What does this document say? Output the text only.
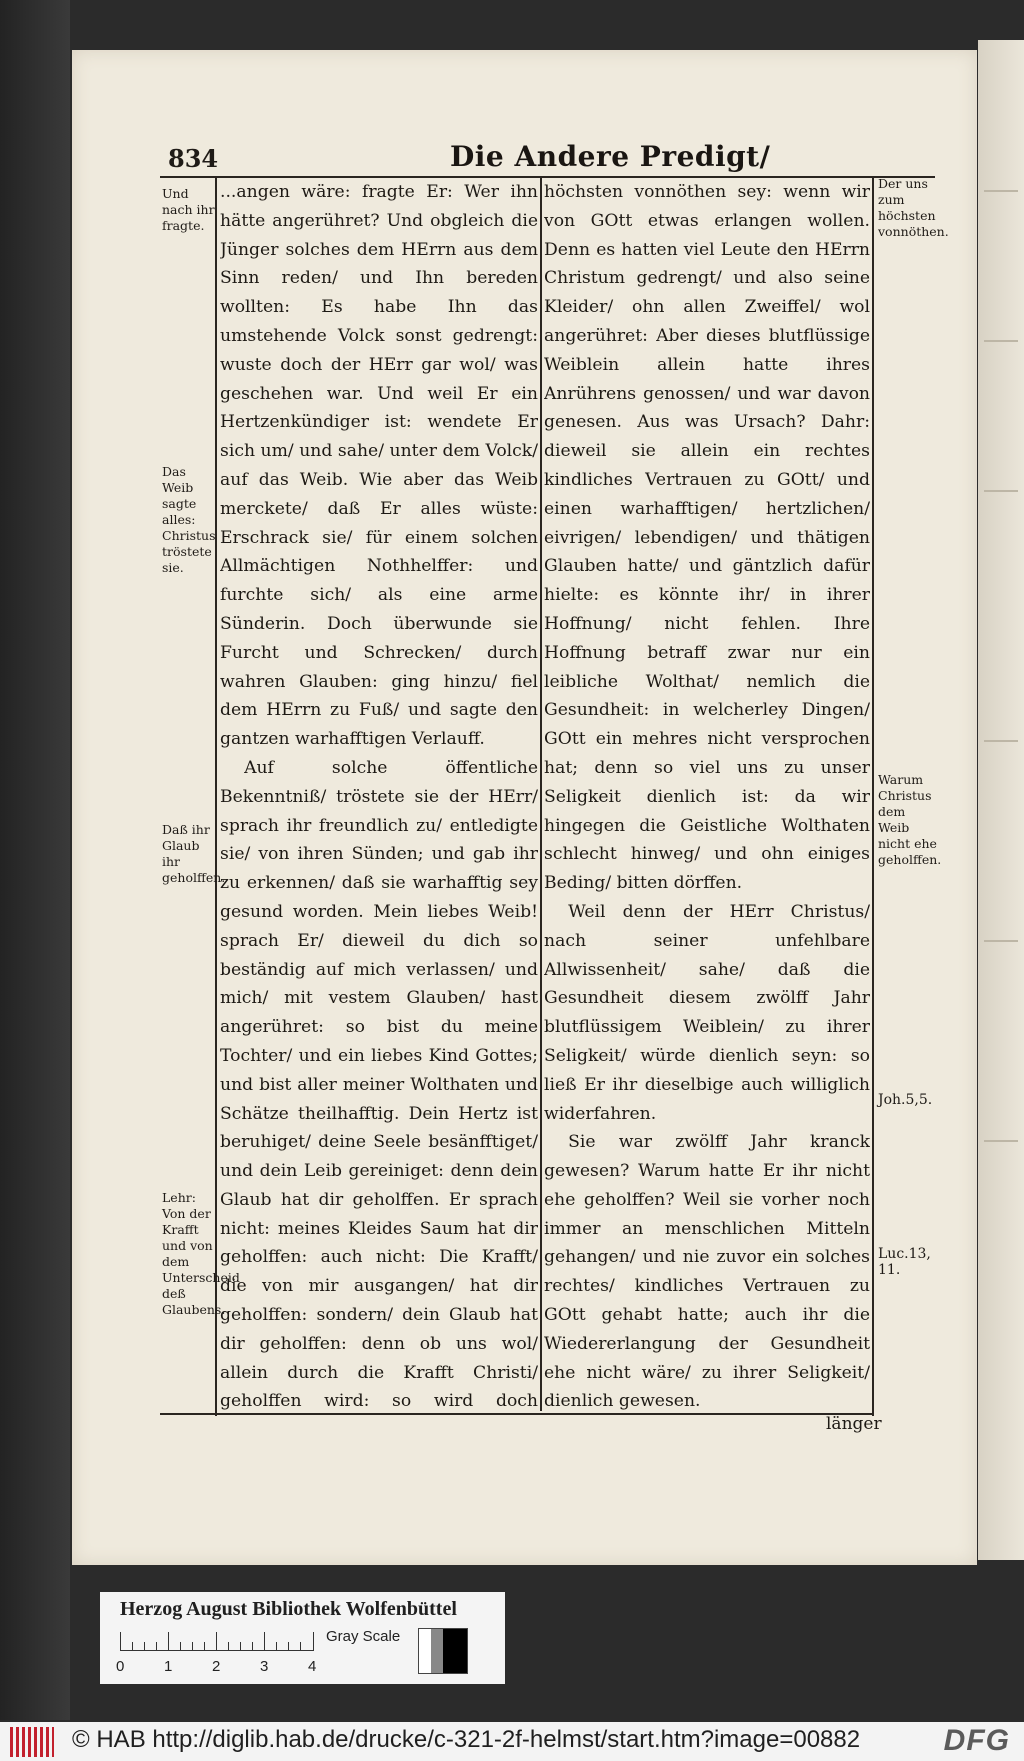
834	Die Andere Predigt/

...angen wäre: fragte Er: Wer ihn hätte angerühret? Und obgleich die Jünger solches dem HErrn aus dem Sinn reden/ und Ihn bereden wollten: Es habe Ihn das umstehende Volck sonst gedrengt: wuste doch der HErr gar wol/ was geschehen war. Und weil Er ein Hertzenkündiger ist: wendete Er sich um/ und sahe/ unter dem Volck/ auf das Weib. Wie aber das Weib merckete/ daß Er alles wüste: Erschrack sie/ für einem solchen Allmächtigen Nothhelffer: und furchte sich/ als eine arme Sünderin. Doch überwunde sie Furcht und Schrecken/ durch wahren Glauben: ging hinzu/ fiel dem HErrn zu Fuß/ und sagte den gantzen warhafftigen Verlauff.

Auf solche öffentliche Bekenntniß/ tröstete sie der HErr/ sprach ihr freundlich zu/ entledigte sie/ von ihren Sünden; und gab ihr zu erkennen/ daß sie warhafftig sey gesund worden. Mein liebes Weib! sprach Er/ dieweil du dich so beständig auf mich verlassen/ und mich/ mit vestem Glauben/ hast angerühret: so bist du meine Tochter/ und ein liebes Kind Gottes; und bist aller meiner Wolthaten und Schätze theilhafftig. Dein Hertz ist beruhiget/ deine Seele besänfftiget/ und dein Leib gereiniget: denn dein Glaub hat dir geholffen. Er sprach nicht: meines Kleides Saum hat dir geholffen: auch nicht: Die Krafft/ die von mir ausgangen/ hat dir geholffen: sondern/ dein Glaub hat dir geholffen: denn ob uns wol/ allein durch die Krafft Christi/ geholffen wird: so wird doch

höchsten vonnöthen sey: wenn wir von GOtt etwas erlangen wollen. Denn es hatten viel Leute den HErrn Christum gedrengt/ und also seine Kleider/ ohn allen Zweiffel/ wol angerühret: Aber dieses blutflüssige Weiblein allein hatte ihres Anrührens genossen/ und war davon genesen. Aus was Ursach? Dahr: dieweil sie allein ein rechtes kindliches Vertrauen zu GOtt/ und einen warhafftigen/ hertzlichen/ eivrigen/ lebendigen/ und thätigen Glauben hatte/ und gäntzlich dafür hielte: es könnte ihr/ in ihrer Hoffnung/ nicht fehlen. Ihre Hoffnung betraff zwar nur ein leibliche Wolthat/ nemlich die Gesundheit: in welcherley Dingen/ GOtt ein mehres nicht versprochen hat; denn so viel uns zu unser Seligkeit dienlich ist: da wir hingegen die Geistliche Wolthaten schlecht hinweg/ und ohn einiges Beding/ bitten dörffen.

Weil denn der HErr Christus/ nach seiner unfehlbare Allwissenheit/ sahe/ daß die Gesundheit diesem zwölff Jahr blutflüssigem Weiblein/ zu ihrer Seligkeit/ würde dienlich seyn: so ließ Er ihr dieselbige auch williglich widerfahren.

Sie war zwölff Jahr kranck gewesen? Warum hatte Er ihr nicht ehe geholffen? Weil sie vorher noch immer an menschlichen Mitteln gehangen/ und nie zuvor ein solches rechtes/ kindliches Vertrauen zu GOtt gehabt hatte; auch ihr die Wiedererlangung der Gesundheit ehe nicht wäre/ zu ihrer Seligkeit/ dienlich gewesen.

Und nach ihr fragte.
Das Weib sagte alles: Christus tröstete sie.
Daß ihr Glaub ihr geholffen.
Lehr: Von der Krafft und von dem Unterscheid deß Glaubens.
Der uns zum höchsten vonnöthen.
Warum Christus dem Weib nicht ehe geholffen.
Joh.5,5.
Luc.13, 11.
länger
Herzog August Bibliothek Wolfenbüttel
0	1	2	3	4
Gray Scale
© HAB http://diglib.hab.de/drucke/c-321-2f-helmst/start.htm?image=00882	DFG
